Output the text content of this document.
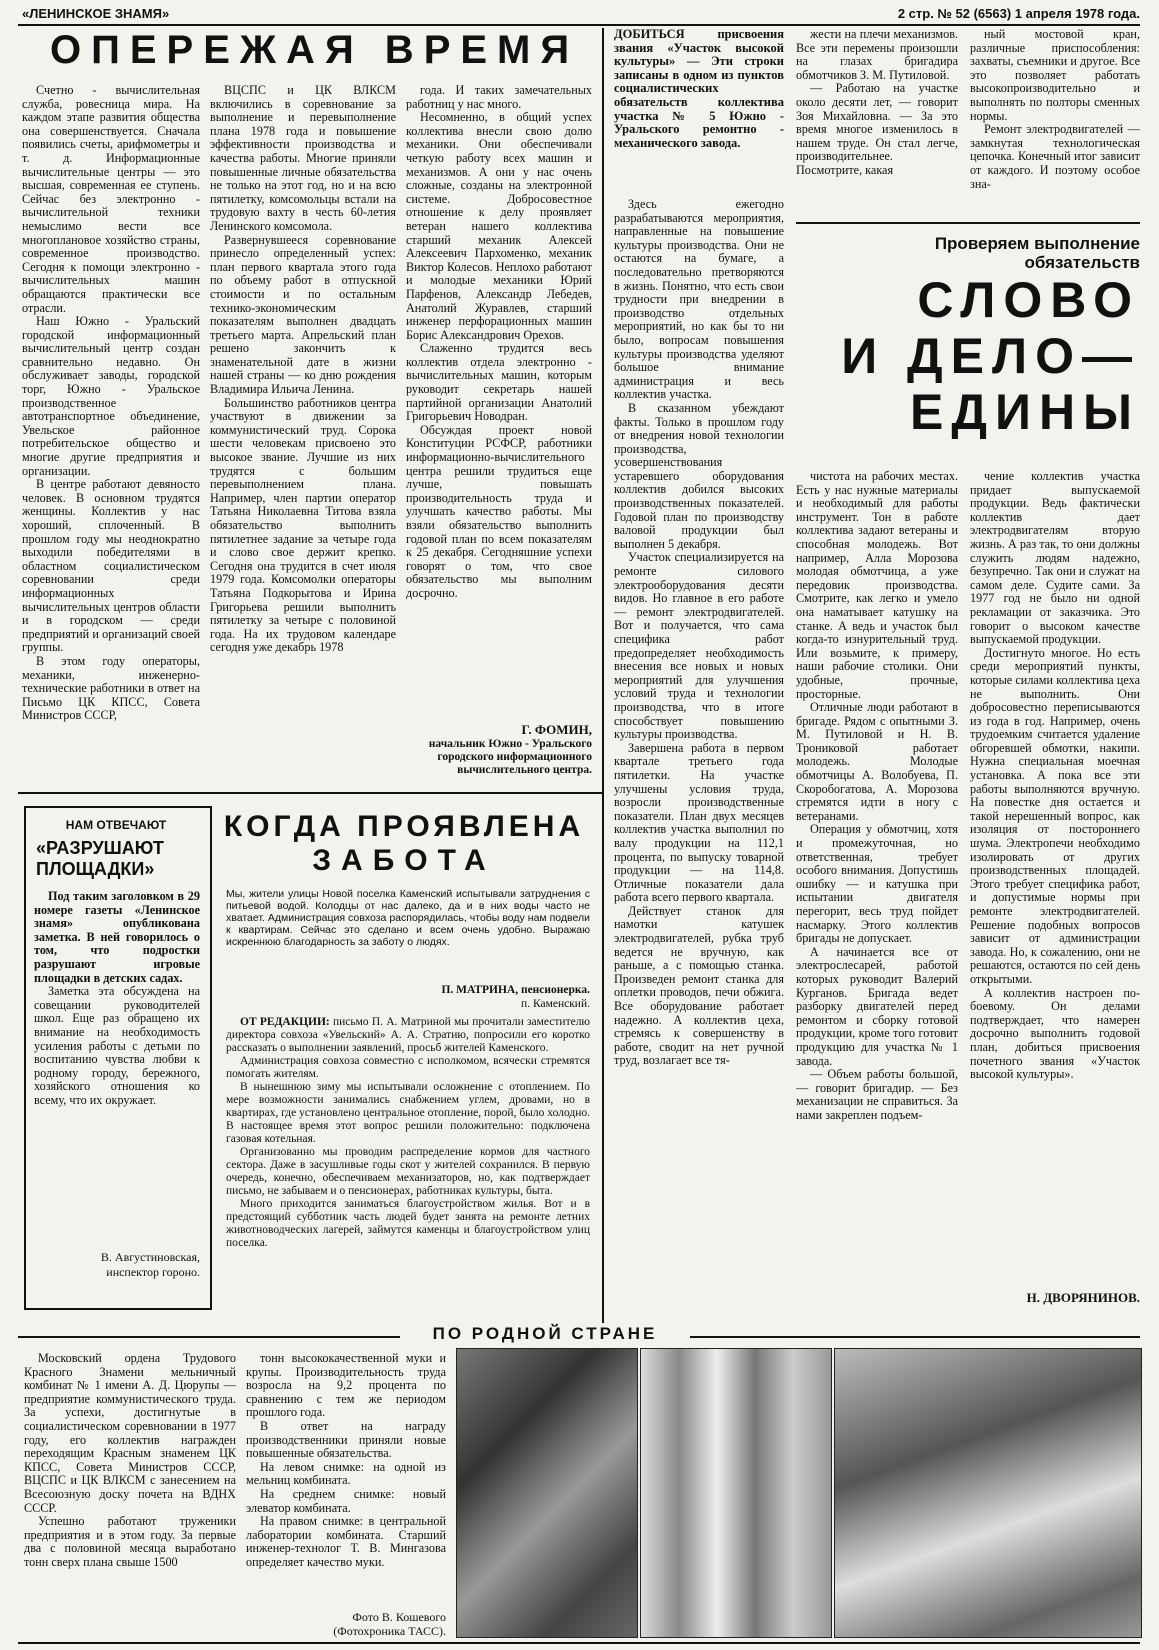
«ЛЕНИНСКОЕ ЗНАМЯ»	2 стр. № 52 (6563) 1 апреля 1978 года.
ОПЕРЕЖАЯ ВРЕМЯ

Счетно - вычислительная служба, ровесница мира. На каждом этапе развития общества она совершенствуется. Сначала появились счеты, арифмометры и т. д. Информационные вычислительные центры — это высшая, современная ее ступень. Сейчас без электронно - вычислительной техники немыслимо вести все многоплановое хозяйство страны, современное производство. Сегодня к помощи электронно - вычислительных машин обращаются практически все отрасли.

Наш Южно - Уральский городской информационный вычислительный центр создан сравнительно недавно. Он обслуживает заводы, городской торг, Южно - Уральское производственное автотранспортное объединение, Увельское районное потребительское общество и многие другие предприятия и организации.

В центре работают девяносто человек. В основном трудятся женщины. Коллектив у нас хороший, сплоченный. В прошлом году мы неоднократно выходили победителями в областном социалистическом соревновании среди информационных вычислительных центров области и в городском — среди предприятий и организаций своей группы.

В этом году операторы, механики, инженерно-технические работники в ответ на Письмо ЦК КПСС, Совета Министров СССР,

ВЦСПС и ЦК ВЛКСМ включились в соревнование за выполнение и перевыполнение плана 1978 года и повышение эффективности производства и качества работы. Многие приняли повышенные личные обязательства не только на этот год, но и на всю пятилетку, комсомольцы встали на трудовую вахту в честь 60-летия Ленинского комсомола.

Развернувшееся соревнование принесло определенный успех: план первого квартала этого года по объему работ в отпускной стоимости и по остальным технико-экономическим показателям выполнен двадцать третьего марта. Апрельский план решено закончить к знаменательной дате в жизни нашей страны — ко дню рождения Владимира Ильича Ленина.

Большинство работников центра участвуют в движении за коммунистический труд. Сорока шести человекам присвоено это высокое звание. Лучшие из них трудятся с большим перевыполнением плана. Например, член партии оператор Татьяна Николаевна Титова взяла обязательство выполнить пятилетнее задание за четыре года и слово свое держит крепко. Сегодня она трудится в счет июля 1979 года. Комсомолки операторы Татьяна Подкорытова и Ирина Григорьева решили выполнить пятилетку за четыре с половиной года. На их трудовом календаре сегодня уже декабрь 1978

года. И таких замечательных работниц у нас много.

Несомненно, в общий успех коллектива внесли свою долю механики. Они обеспечивали четкую работу всех машин и механизмов. А они у нас очень сложные, созданы на электронной системе. Добросовестное отношение к делу проявляет ветеран нашего коллектива старший механик Алексей Алексеевич Пархоменко, механик Виктор Колесов. Неплохо работают и молодые механики Юрий Парфенов, Александр Лебедев, Анатолий Журавлев, старший инженер перфорационных машин Борис Александрович Орехов.

Слаженно трудится весь коллектив отдела электронно - вычислительных машин, которым руководит секретарь нашей партийной организации Анатолий Григорьевич Новодран.

Обсуждая проект новой Конституции РСФСР, работники информационно-вычислительного центра решили трудиться еще лучше, повышать производительность труда и улучшать качество работы. Мы взяли обязательство выполнить годовой план по всем показателям к 25 декабря. Сегодняшние успехи говорят о том, что свое обязательство мы выполним досрочно.

Г. ФОМИН,
начальник Южно - Уральского городского информационного вычислительного центра.
ДОБИТЬСЯ присвоения звания «Участок высокой культуры» — Эти строки записаны в одном из пунктов социалистических обязательств коллектива участка № 5 Южно - Уральского ремонтно - механического завода.

Здесь ежегодно разрабатываются мероприятия, направленные на повышение культуры производства. Они не остаются на бумаге, а последовательно претворяются в жизнь. Понятно, что есть свои трудности при внедрении в производство отдельных мероприятий, но как бы то ни было, вопросам повышения культуры производства уделяют большое внимание администрация и весь коллектив участка.

В сказанном убеждают факты. Только в прошлом году от внедрения новой технологии производства, усовершенствования устаревшего оборудования коллектив добился высоких производственных показателей. Годовой план по производству валовой продукции был выполнен 5 декабря.

Участок специализируется на ремонте силового электрооборудования десяти видов. Но главное в его работе — ремонт электродвигателей. Вот и получается, что сама специфика работ предопределяет необходимость внесения все новых и новых мероприятий для улучшения условий труда и технологии производства, что в итоге способствует повышению культуры производства.

Завершена работа в первом квартале третьего года пятилетки. На участке улучшены условия труда, возросли производственные показатели. План двух месяцев коллектив участка выполнил по валу продукции на 112,1 процента, по выпуску товарной продукции — на 114,8. Отличные показатели дала работа всего первого квартала.

Действует станок для намотки катушек электродвигателей, рубка труб ведется не вручную, как раньше, а с помощью станка. Произведен ремонт станка для оплетки проводов, печи обжига. Все оборудование работает надежно. А коллектив цеха, стремясь к совершенству в работе, сводит на нет ручной труд, возлагает все тя-

жести на плечи механизмов. Все эти перемены произошли на глазах бригадира обмотчиков З. М. Путиловой.

— Работаю на участке около десяти лет, — говорит Зоя Михайловна. — За это время многое изменилось в нашем труде. Он стал легче, производительнее. Посмотрите, какая

ный мостовой кран, различные приспособления: захваты, съемники и другое. Все это позволяет работать высокопроизводительно и выполнять по полторы сменных нормы.

Ремонт электродвигателей — замкнутая технологическая цепочка. Конечный итог зависит от каждого. И поэтому особое зна-

Проверяем выполнение обязательств
СЛОВО
И ДЕЛО—
ЕДИНЫ

чистота на рабочих местах. Есть у нас нужные материалы и необходимый для работы инструмент. Тон в работе коллектива задают ветераны и способная молодежь. Вот например, Алла Морозова молодая обмотчица, а уже передовик производства. Смотрите, как легко и умело она наматывает катушку на станке. А ведь и участок был когда-то изнурительный труд. Или возьмите, к примеру, наши рабочие столики. Они удобные, прочные, просторные.

Отличные люди работают в бригаде. Рядом с опытными З. М. Путиловой и Н. В. Трониковой работает молодежь. Молодые обмотчицы А. Волобуева, П. Скоробогатова, А. Морозова стремятся идти в ногу с ветеранами.

Операция у обмотчиц, хотя и промежуточная, но ответственная, требует особого внимания. Допустишь ошибку — и катушка при испытании двигателя перегорит, весь труд пойдет насмарку. Этого коллектив бригады не допускает.

А начинается все от электрослесарей, работой которых руководит Валерий Курганов. Бригада ведет разборку двигателей перед ремонтом и сборку готовой продукции, кроме того готовит продукцию для участка № 1 завода.

— Объем работы большой, — говорит бригадир. — Без механизации не справиться. За нами закреплен подъем-

чение коллектив участка придает выпускаемой продукции. Ведь фактически коллектив дает электродвигателям вторую жизнь. А раз так, то они должны служить людям надежно, безупречно. Так они и служат на самом деле. Судите сами. За 1977 год не было ни одной рекламации от заказчика. Это говорит о высоком качестве выпускаемой продукции.

Достигнуто многое. Но есть среди мероприятий пункты, которые силами коллектива цеха не выполнить. Они добросовестно переписываются из года в год. Например, очень трудоемким считается удаление обгоревшей обмотки, накипи. Нужна специальная моечная установка. А пока все эти работы выполняются вручную. На повестке дня остается и такой нерешенный вопрос, как изоляция от постороннего шума. Электропечи необходимо изолировать от других производственных площадей. Этого требует специфика работ, и допустимые нормы при ремонте электродвигателей. Решение подобных вопросов зависит от администрации завода. Но, к сожалению, они не решаются, остаются по сей день открытыми.

А коллектив настроен по-боевому. Он делами подтверждает, что намерен досрочно выполнить годовой план, добиться присвоения почетного звания «Участок высокой культуры».

Н. ДВОРЯНИНОВ.
НАМ ОТВЕЧАЮТ
«РАЗРУШАЮТ ПЛОЩАДКИ»

Под таким заголовком в 29 номере газеты «Ленинское знамя» опубликована заметка. В ней говорилось о том, что подростки разрушают игровые площадки в детских садах.

Заметка эта обсуждена на совещании руководителей школ. Еще раз обращено их внимание на необходимость усиления работы с детьми по воспитанию чувства любви к родному городу, бережного, хозяйского отношения ко всему, что их окружает.

В. Августиновская,
инспектор гороно.
КОГДА ПРОЯВЛЕНА
ЗАБОТА
Мы, жители улицы Новой поселка Каменский испытывали затруднения с питьевой водой. Колодцы от нас далеко, да и в них воды часто не хватает. Администрация совхоза распорядилась, чтобы воду нам подвели к квартирам. Сейчас это сделано и всем очень удобно. Выражаю искреннюю благодарность за заботу о людях.
П. МАТРИНА, пенсионерка.
п. Каменский.

ОТ РЕДАКЦИИ: письмо П. А. Матриной мы прочитали заместителю директора совхоза «Увельский» А. А. Стратию, попросили его коротко рассказать о выполнении заявлений, просьб жителей Каменского.

Администрация совхоза совместно с исполкомом, всячески стремятся помогать жителям.

В нынешнюю зиму мы испытывали осложнение с отоплением. По мере возможности занимались снабжением углем, дровами, но в квартирах, где установлено центральное отопление, порой, было холодно. В настоящее время этот вопрос решили положительно: подключена газовая котельная.

Организованно мы проводим распределение кормов для частного сектора. Даже в засушливые годы скот у жителей сохранился. В первую очередь, конечно, обеспечиваем механизаторов, но, как подтверждает письмо, не забываем и о пенсионерах, работниках культуры, быта.

Много приходится заниматься благоустройством жилья. Вот и в предстоящий субботник часть людей будет занята на ремонте летних животноводческих лагерей, займутся каменцы и благоустройством улиц поселка.

ПО РОДНОЙ СТРАНЕ

Московский ордена Трудового Красного Знамени мельничный комбинат № 1 имени А. Д. Цюрупы — предприятие коммунистического труда. За успехи, достигнутые в социалистическом соревновании в 1977 году, его коллектив награжден переходящим Красным знаменем ЦК КПСС, Совета Министров СССР, ВЦСПС и ЦК ВЛКСМ с занесением на Всесоюзную доску почета на ВДНХ СССР.

Успешно работают труженики предприятия и в этом году. За первые два с половиной месяца выработано тонн сверх плана свыше 1500

тонн высококачественной муки и крупы. Производительность труда возросла на 9,2 процента по сравнению с тем же периодом прошлого года.

В ответ на награду производственники приняли новые повышенные обязательства.

На левом снимке: на одной из мельниц комбината.

На среднем снимке: новый элеватор комбината.

На правом снимке: в центральной лаборатории комбината. Старший инженер-технолог Т. В. Мингазова определяет качество муки.

Фото В. Кошевого
(Фотохроника ТАСС).
